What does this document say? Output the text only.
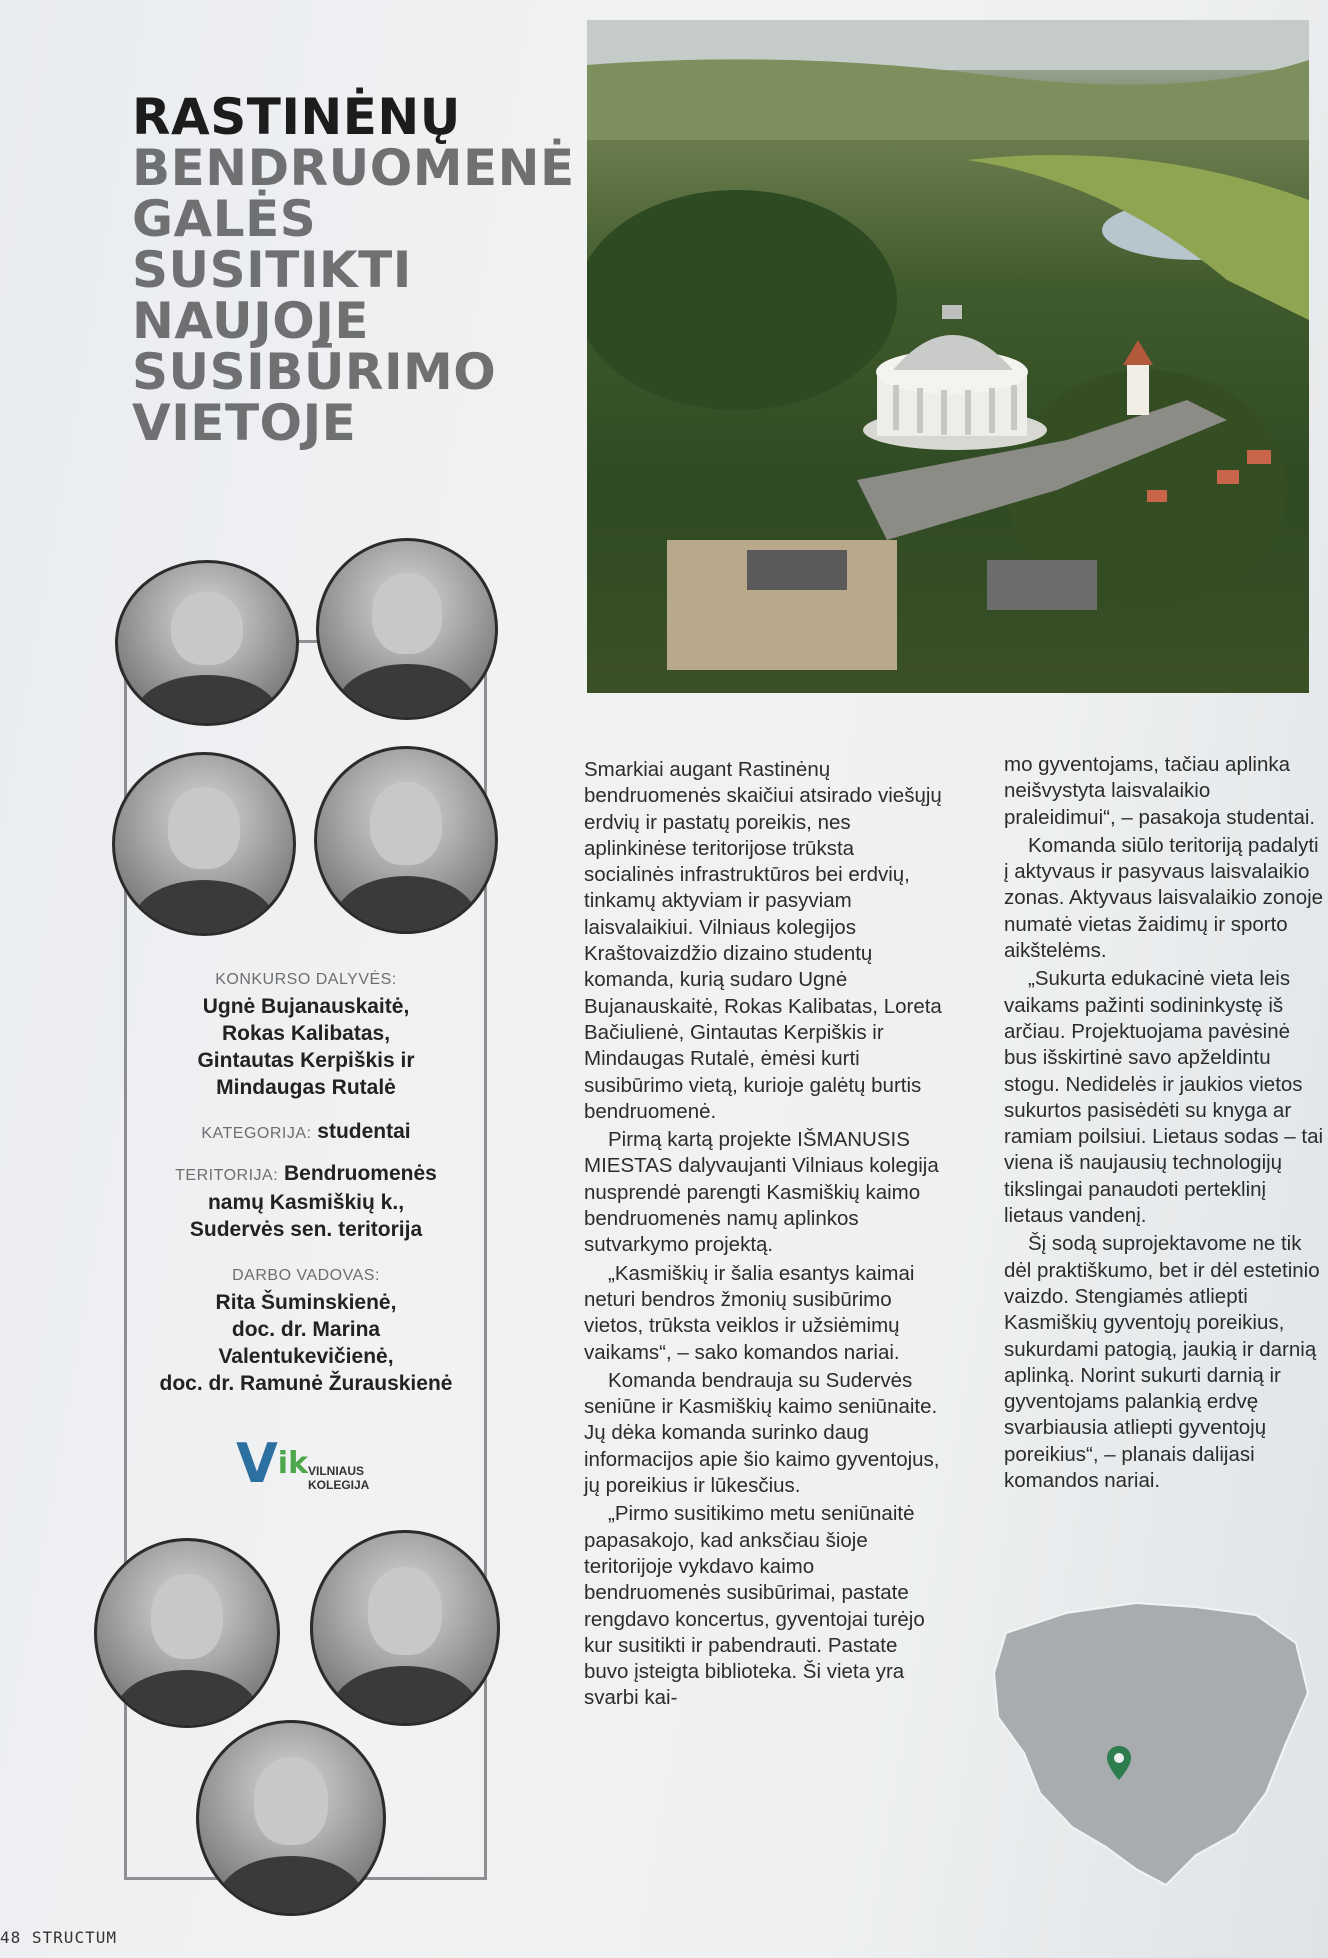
RASTINĖNŲ
BENDRUOMENĖ
GALĖS
SUSITIKTI
NAUJOJE
SUSIBŪRIMO
VIETOJE
KONKURSO DALYVĖS:
Ugnė Bujanauskaitė,
Rokas Kalibatas,
Gintautas Kerpiškis ir
Mindaugas Rutalė
KATEGORIJA: studentai
TERITORIJA: Bendruomenės
namų Kasmiškių k.,
Sudervės sen. teritorija
DARBO VADOVAS:
Rita Šuminskienė,
doc. dr. Marina
Valentukevičienė,
doc. dr. Ramunė Žurauskienė
$V^{ik}$ VILNIAUS
KOLEGIJA

Smarkiai augant Rastinėnų bendruomenės skaičiui atsirado viešųjų erdvių ir pastatų poreikis, nes aplinkinėse teritorijose trūksta socialinės infrastruktūros bei erdvių, tinkamų aktyviam ir pasyviam laisvalaikiui. Vilniaus kolegijos Kraštovaizdžio dizaino studentų komanda, kurią sudaro Ugnė Bujanauskaitė, Rokas Kalibatas, Loreta Bačiulienė, Gintautas Kerpiškis ir Mindaugas Rutalė, ėmėsi kurti susibūrimo vietą, kurioje galėtų burtis bendruomenė.

Pirmą kartą projekte IŠMANUSIS MIESTAS dalyvaujanti Vilniaus kolegija nusprendė parengti Kasmiškių kaimo bendruomenės namų aplinkos sutvarkymo projektą.

„Kasmiškių ir šalia esantys kaimai neturi bendros žmonių susibūrimo vietos, trūksta veiklos ir užsiėmimų vaikams“, – sako komandos nariai.

Komanda bendrauja su Sudervės seniūne ir Kasmiškių kaimo seniūnaite. Jų dėka komanda surinko daug informacijos apie šio kaimo gyventojus, jų poreikius ir lūkesčius.

„Pirmo susitikimo metu seniūnaitė papasakojo, kad anksčiau šioje teritorijoje vykdavo kaimo bendruomenės susibūrimai, pastate rengdavo koncertus, gyventojai turėjo kur susitikti ir pabendrauti. Pastate buvo įsteigta biblioteka. Ši vieta yra svarbi kai-

mo gyventojams, tačiau aplinka neišvystyta laisvalaikio praleidimui“, – pasakoja studentai.

Komanda siūlo teritoriją padalyti į aktyvaus ir pasyvaus laisvalaikio zonas. Aktyvaus laisvalaikio zonoje numatė vietas žaidimų ir sporto aikštelėms.

„Sukurta edukacinė vieta leis vaikams pažinti sodininkystę iš arčiau. Projektuojama pavėsinė bus išskirtinė savo apželdintu stogu. Nedidelės ir jaukios vietos sukurtos pasisėdėti su knyga ar ramiam poilsiui. Lietaus sodas – tai viena iš naujausių technologijų tikslingai panaudoti perteklinį lietaus vandenį.

Šį sodą suprojektavome ne tik dėl praktiškumo, bet ir dėl estetinio vaizdo. Stengiamės atliepti Kasmiškių gyventojų poreikius, sukurdami patogią, jaukią ir darnią aplinką. Norint sukurti darnią ir gyventojams palankią erdvę svarbiausia atliepti gyventojų poreikius“, – planais dalijasi komandos nariai.

48 STRUCTUM
